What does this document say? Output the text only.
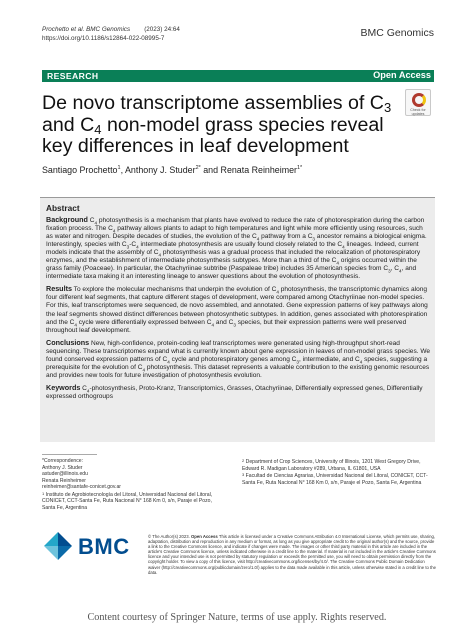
Prochetto et al. BMC Genomics (2023) 24:64
https://doi.org/10.1186/s12864-022-08995-7	BMC Genomics
RESEARCH	Open Access
Check for updates
De novo transcriptome assemblies of $C_3$ and $C_4$ non-model grass species reveal key differences in leaf development
Santiago Prochetto$^1$, Anthony J. Studer$^{2*}$ and Renata Reinheimer$^{1*}$
Abstract

Background $C_4$ photosynthesis is a mechanism that plants have evolved to reduce the rate of photorespiration during the carbon fixation process. The $C_4$ pathway allows plants to adapt to high temperatures and light while more efficiently using resources, such as water and nitrogen. Despite decades of studies, the evolution of the $C_4$ pathway from a $C_3$ ancestor remains a biological enigma. Interestingly, species with $C_3-C_4$ intermediate photosynthesis are usually found closely related to the $C_4$ lineages. Indeed, current models indicate that the assembly of $C_4$ photosynthesis was a gradual process that included the relocalization of photorespiratory enzymes, and the establishment of intermediate photosynthesis subtypes. More than a third of the $C_4$ origins occurred within the grass family (Poaceae). In particular, the Otachyriinae subtribe (Paspaleae tribe) includes 35 American species from $C_3$, $C_4$, and intermediate taxa making it an interesting lineage to answer questions about the evolution of photosynthesis.

Results To explore the molecular mechanisms that underpin the evolution of $C_4$ photosynthesis, the transcriptomic dynamics along four different leaf segments, that capture different stages of development, were compared among Otachyriinae non-model species. For this, leaf transcriptomes were sequenced, de novo assembled, and annotated. Gene expression patterns of key pathways along the leaf segments showed distinct differences between photosynthetic subtypes. In addition, genes associated with photorespiration and the $C_4$ cycle were differentially expressed between $C_4$ and $C_3$ species, but their expression patterns were well preserved throughout leaf development.

Conclusions New, high-confidence, protein-coding leaf transcriptomes were generated using high-throughput short-read sequencing. These transcriptomes expand what is currently known about gene expression in leaves of non-model grass species. We found conserved expression patterns of $C_4$ cycle and photorespiratory genes among $C_3$, intermediate, and $C_4$ species, suggesting a prerequisite for the evolution of $C_4$ photosynthesis. This dataset represents a valuable contribution to the existing genomic resources and provides new tools for future investigation of photosynthesis evolution.

Keywords $C_4$-photosynthesis, Proto-Kranz, Transcriptomics, Grasses, Otachyriinae, Differentially expressed genes, Differentially expressed orthogroups

*Correspondence:
Anthony J. Studer
astuder@illinois.edu
Renata Reinheimer
reinheimer@santafe-conicet.gov.ar
1 Instituto de Agrobiotecnología del Litoral, Universidad Nacional del Litoral, CONICET, CCT-Santa Fe, Ruta Nacional N° 168 Km 0, s/n, Paraje el Pozo, Santa Fe, Argentina
2 Department of Crop Sciences, University of Illinois, 1201 West Gregory Drive, Edward R. Madigan Laboratory #289, Urbana, IL 61801, USA
3 Facultad de Ciencias Agrarias, Universidad Nacional del Litoral, CONICET, CCT-Santa Fe, Ruta Nacional N° 168 Km 0, s/n, Paraje el Pozo, Santa Fe, Argentina
BMC	© The Author(s) 2023. Open Access This article is licensed under a Creative Commons Attribution 4.0 International License, which permits use, sharing, adaptation, distribution and reproduction in any medium or format, as long as you give appropriate credit to the original author(s) and the source, provide a link to the Creative Commons licence, and indicate if changes were made. The images or other third party material in this article are included in the article's Creative Commons licence, unless indicated otherwise in a credit line to the material. If material is not included in the article's Creative Commons licence and your intended use is not permitted by statutory regulation or exceeds the permitted use, you will need to obtain permission directly from the copyright holder. To view a copy of this licence, visit http://creativecommons.org/licenses/by/4.0/. The Creative Commons Public Domain Dedication waiver (http://creativecommons.org/publicdomain/zero/1.0/) applies to the data made available in this article, unless otherwise stated in a credit line to the data.
Content courtesy of Springer Nature, terms of use apply. Rights reserved.
